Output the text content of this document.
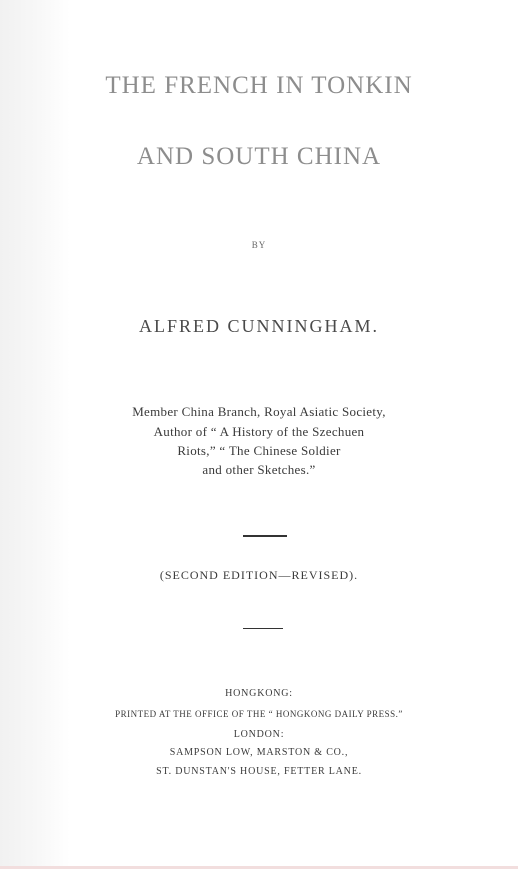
THE FRENCH IN TONKIN
AND SOUTH CHINA
BY
ALFRED CUNNINGHAM.
Member China Branch, Royal Asiatic Society,
Author of “ A History of the Szechuen
Riots,” “ The Chinese Soldier
and other Sketches.”
(SECOND EDITION—REVISED).
HONGKONG:
PRINTED AT THE OFFICE OF THE “ HONGKONG DAILY PRESS.”
LONDON:
SAMPSON LOW, MARSTON & CO.,
ST. DUNSTAN'S HOUSE, FETTER LANE.
